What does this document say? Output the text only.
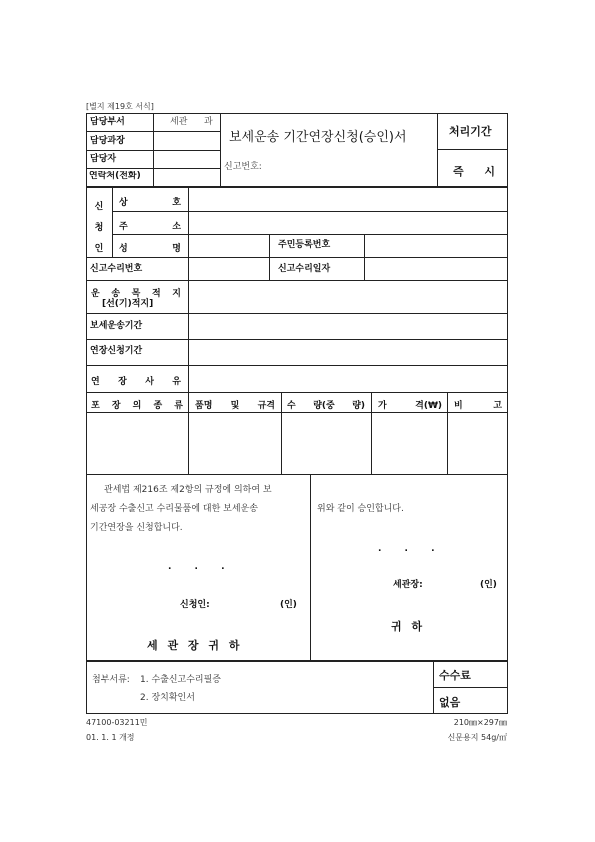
[별지 제19호 서식]
담당부서	세관 과
담당과장
담당자
연락처(전화)
보세운송 기간연장신청(승인)서
신고번호:
처리기간
즉 시
신
청
인
상	호
주	소
성	명	주민등록번호
신고수리번호	신고수리일자
운 송 목 적 지
[선(기)적지]
보세운송기간
연장신청기간
연 장 사 유
포 장 의 종 류 품명 및 규격 수 량(중 량) 가	격(₩) 비	고
관세법 제216조 제2항의 규정에 의하여 보
세공장 수출신고 수리물품에 대한 보세운송
기간연장을 신청합니다.
. . .
신청인:	(인)
세 관 장 귀 하
위와 같이 승인합니다.
. . .
세관장:	(인)
귀 하
첨부서류: 1. 수출신고수리필증
2. 장치확인서
수수료
없음
47100-03211민
01. 1. 1 개정
210㎜×297㎜
신문용지 54g/㎡
